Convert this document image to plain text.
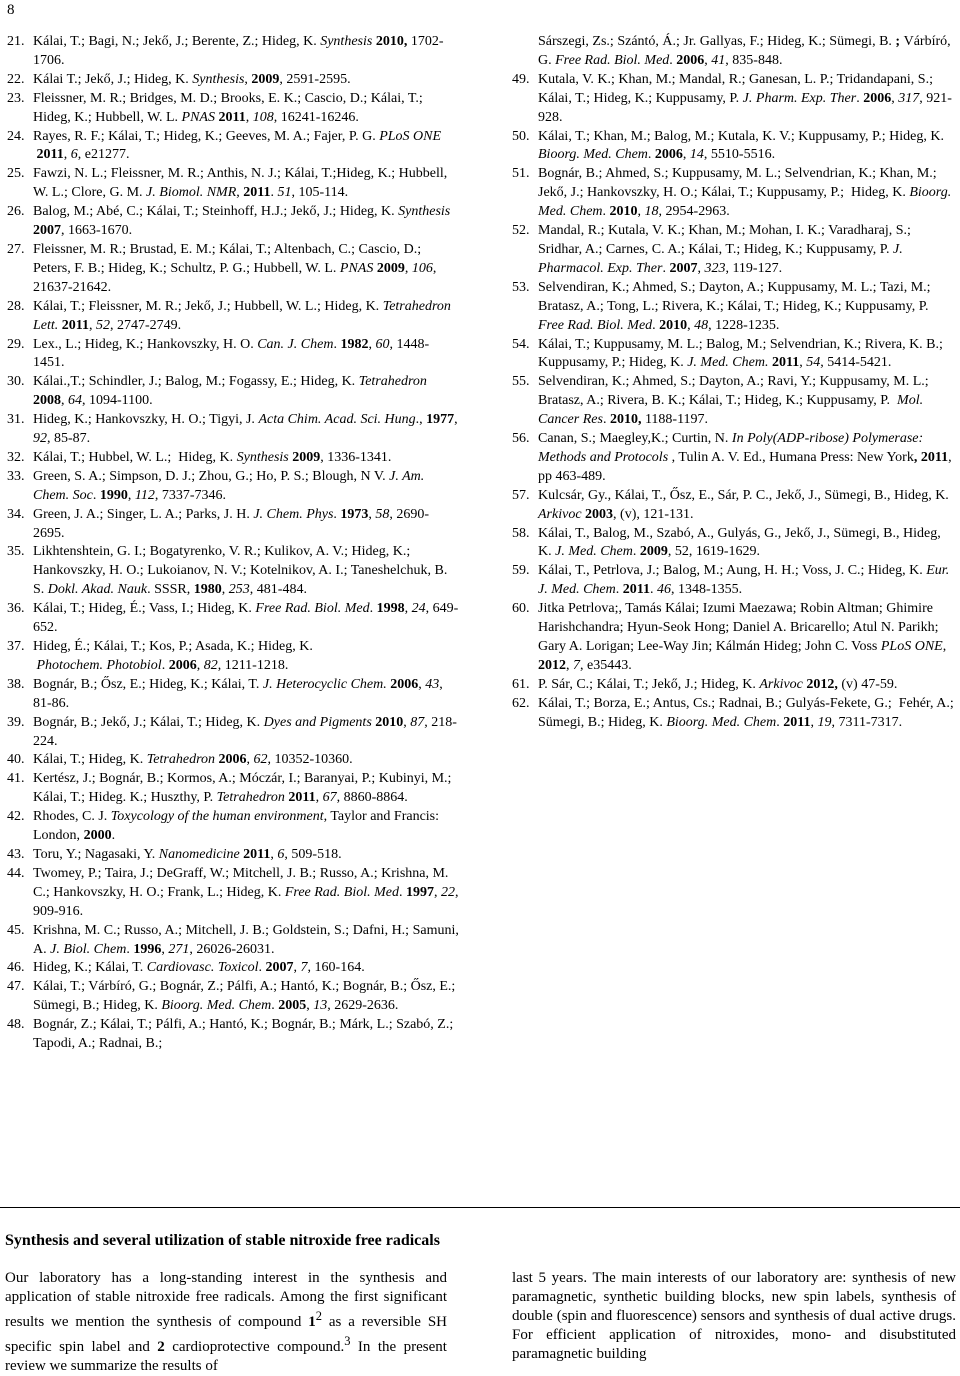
8
21. Kálai, T.; Bagi, N.; Jekő, J.; Berente, Z.; Hideg, K. Synthesis 2010, 1702-1706.
22. Kálai T.; Jekő, J.; Hideg, K. Synthesis, 2009, 2591-2595.
23. Fleissner, M. R.; Bridges, M. D.; Brooks, E. K.; Cascio, D.; Kálai, T.; Hideg, K.; Hubbell, W. L. PNAS 2011, 108, 16241-16246.
24. Rayes, R. F.; Kálai, T.; Hideg, K.; Geeves, M. A.; Fajer, P. G. PLoS ONE  2011, 6, e21277.
25. Fawzi, N. L.; Fleissner, M. R.; Anthis, N. J.; Kálai, T.;Hideg, K.; Hubbell, W. L.; Clore, G. M. J. Biomol. NMR, 2011. 51, 105-114.
26. Balog, M.; Abé, C.; Kálai, T.; Steinhoff, H.J.; Jekő, J.; Hideg, K. Synthesis 2007, 1663-1670.
27. Fleissner, M. R.; Brustad, E. M.; Kálai, T.; Altenbach, C.; Cascio, D.; Peters, F. B.; Hideg, K.; Schultz, P. G.; Hubbell, W. L. PNAS 2009, 106, 21637-21642.
28. Kálai, T.; Fleissner, M. R.; Jekő, J.; Hubbell, W. L.; Hideg, K. Tetrahedron Lett. 2011, 52, 2747-2749.
29. Lex., L.; Hideg, K.; Hankovszky, H. O. Can. J. Chem. 1982, 60, 1448-1451.
30. Kálai.,T.; Schindler, J.; Balog, M.; Fogassy, E.; Hideg, K. Tetrahedron 2008, 64, 1094-1100.
31. Hideg, K.; Hankovszky, H. O.; Tigyi, J. Acta Chim. Acad. Sci. Hung., 1977, 92, 85-87.
32. Kálai, T.; Hubbel, W. L.;  Hideg, K. Synthesis 2009, 1336-1341.
33. Green, S. A.; Simpson, D. J.; Zhou, G.; Ho, P. S.; Blough, N V. J. Am. Chem. Soc. 1990, 112, 7337-7346.
34. Green, J. A.; Singer, L. A.; Parks, J. H. J. Chem. Phys. 1973, 58, 2690-2695.
35. Likhtenshtein, G. I.; Bogatyrenko, V. R.; Kulikov, A. V.; Hideg, K.; Hankovszky, H. O.; Lukoianov, N. V.; Kotelnikov, A. I.; Taneshelchuk, B. S. Dokl. Akad. Nauk. SSSR, 1980, 253, 481-484.
36. Kálai, T.; Hideg, É.; Vass, I.; Hideg, K. Free Rad. Biol. Med. 1998, 24, 649-652.
37. Hideg, É.; Kálai, T.; Kos, P.; Asada, K.; Hideg, K.
Photochem. Photobiol. 2006, 82, 1211-1218.
38. Bognár, B.; Ősz, E.; Hideg, K.; Kálai, T. J. Heterocyclic Chem. 2006, 43, 81-86.
39. Bognár, B.; Jekő, J.; Kálai, T.; Hideg, K. Dyes and Pigments 2010, 87, 218-224.
40. Kálai, T.; Hideg, K. Tetrahedron 2006, 62, 10352-10360.
41. Kertész, J.; Bognár, B.; Kormos, A.; Móczár, I.; Baranyai, P.; Kubinyi, M.; Kálai, T.; Hideg. K.; Huszthy, P. Tetrahedron 2011, 67, 8860-8864.
42. Rhodes, C. J. Toxycology of the human environment, Taylor and Francis: London, 2000.
43. Toru, Y.; Nagasaki, Y. Nanomedicine 2011, 6, 509-518.
44. Twomey, P.; Taira, J.; DeGraff, W.; Mitchell, J. B.; Russo, A.; Krishna, M. C.; Hankovszky, H. O.; Frank, L.; Hideg, K. Free Rad. Biol. Med. 1997, 22, 909-916.
45. Krishna, M. C.; Russo, A.; Mitchell, J. B.; Goldstein, S.; Dafni, H.; Samuni, A. J. Biol. Chem. 1996, 271, 26026-26031.
46. Hideg, K.; Kálai, T. Cardiovasc. Toxicol. 2007, 7, 160-164.
47. Kálai, T.; Várbíró, G.; Bognár, Z.; Pálfi, A.; Hantó, K.; Bognár, B.; Ősz, E.; Sümegi, B.; Hideg, K. Bioorg. Med. Chem. 2005, 13, 2629-2636.
48. Bognár, Z.; Kálai, T.; Pálfi, A.; Hantó, K.; Bognár, B.; Márk, L.; Szabó, Z.; Tapodi, A.; Radnai, B.;
Sárszegi, Zs.; Szántó, Á.; Jr. Gallyas, F.; Hideg, K.; Sümegi, B. ; Várbíró, G. Free Rad. Biol. Med. 2006, 41, 835-848.
49. Kutala, V. K.; Khan, M.; Mandal, R.; Ganesan, L. P.; Tridandapani, S.; Kálai, T.; Hideg, K.; Kuppusamy, P. J. Pharm. Exp. Ther. 2006, 317, 921-928.
50. Kálai, T.; Khan, M.; Balog, M.; Kutala, K. V.; Kuppusamy, P.; Hideg, K. Bioorg. Med. Chem. 2006, 14, 5510-5516.
51. Bognár, B.; Ahmed, S.; Kuppusamy, M. L.; Selvendrian, K.; Khan, M.; Jekő, J.; Hankovszky, H. O.; Kálai, T.; Kuppusamy, P.;  Hideg, K. Bioorg. Med. Chem. 2010, 18, 2954-2963.
52. Mandal, R.; Kutala, V. K.; Khan, M.; Mohan, I. K.; Varadharaj, S.; Sridhar, A.; Carnes, C. A.; Kálai, T.; Hideg, K.; Kuppusamy, P. J. Pharmacol. Exp. Ther. 2007, 323, 119-127.
53. Selvendiran, K.; Ahmed, S.; Dayton, A.; Kuppusamy, M. L.; Tazi, M.; Bratasz, A.; Tong, L.; Rivera, K.; Kálai, T.; Hideg, K.; Kuppusamy, P. Free Rad. Biol. Med. 2010, 48, 1228-1235.
54. Kálai, T.; Kuppusamy, M. L.; Balog, M.; Selvendrian, K.; Rivera, K. B.; Kuppusamy, P.; Hideg, K. J. Med. Chem. 2011, 54, 5414-5421.
55. Selvendiran, K.; Ahmed, S.; Dayton, A.; Ravi, Y.; Kuppusamy, M. L.; Bratasz, A.; Rivera, B. K.; Kálai, T.; Hideg, K.; Kuppusamy, P.  Mol. Cancer Res. 2010, 1188-1197.
56. Canan, S.; Maegley,K.; Curtin, N. In Poly(ADP-ribose) Polymerase: Methods and Protocols , Tulin A. V. Ed., Humana Press: New York, 2011, pp 463-489.
57. Kulcsár, Gy., Kálai, T., Ősz, E., Sár, P. C., Jekő, J., Sümegi, B., Hideg, K. Arkivoc 2003, (v), 121-131.
58. Kálai, T., Balog, M., Szabó, A., Gulyás, G., Jekő, J., Sümegi, B., Hideg, K. J. Med. Chem. 2009, 52, 1619-1629.
59. Kálai, T., Petrlova, J.; Balog, M.; Aung, H. H.; Voss, J. C.; Hideg, K. Eur. J. Med. Chem. 2011. 46, 1348-1355.
60. Jitka Petrlova;, Tamás Kálai; Izumi Maezawa; Robin Altman; Ghimire Harishchandra; Hyun-Seok Hong; Daniel A. Bricarello; Atul N. Parikh; Gary A. Lorigan; Lee-Way Jin; Kálmán Hideg; John C. Voss PLoS ONE, 2012, 7, e35443.
61. P. Sár, C.; Kálai, T.; Jekő, J.; Hideg, K. Arkivoc 2012, (v) 47-59.
62. Kálai, T.; Borza, E.; Antus, Cs.; Radnai, B.; Gulyás-Fekete, G.;  Fehér, A.; Sümegi, B.; Hideg, K. Bioorg. Med. Chem. 2011, 19, 7311-7317.
Synthesis and several utilization of stable nitroxide free radicals
Our laboratory has a long-standing interest in the synthesis and application of stable nitroxide free radicals. Among the first significant results we mention the synthesis of compound $1^2$ as a reversible SH specific spin label and 2 cardioprotective compound.$^3$ In the present review we summarize the results of
last 5 years. The main interests of our laboratory are: synthesis of new paramagnetic, synthetic building blocks, new spin labels, synthesis of double (spin and fluorescence) sensors and synthesis of dual active drugs. For efficient application of nitroxides, mono- and disubstituted paramagnetic building
